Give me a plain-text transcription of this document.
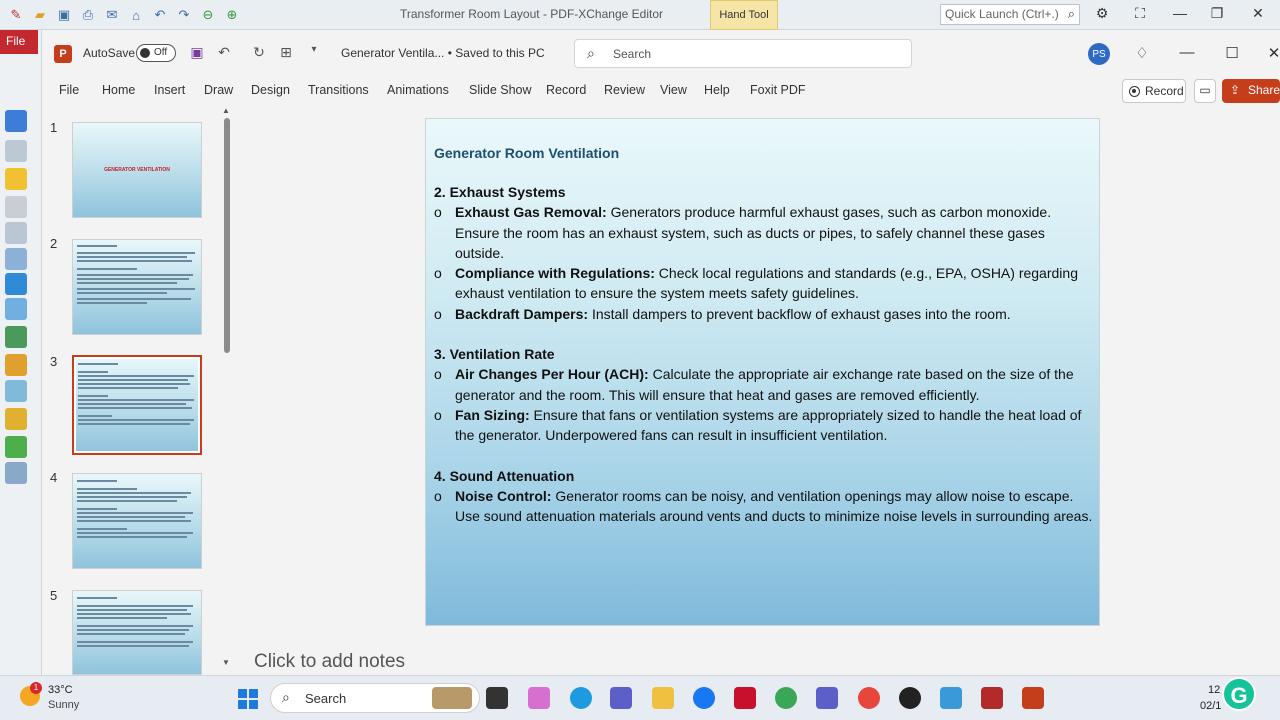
✎	▰ ▣ ⎙	✉	⌂	↶	↷	⊖	⊕	Transformer Room Layout - PDF-XChange Editor	Hand Tool	Quick Launch (Ctrl+.) ⌕ ⚙	⛶	— ❐ ✕
File
P	AutoSave Off ▣ ↶ ↻ ⊞	▾	Generator Ventila... • Saved to this PC	⌕ Search	PS ♢ — ☐ ✕
File Home Insert Draw Design Transitions Animations Slide Show Record Review View Help Foxit PDF	Record	▭	⇪ Share
1
GENERATOR VENTILATION
2
3
4
5
▲
▼
Generator Room Ventilation
2. Exhaust Systems
o Exhaust Gas Removal: Generators produce harmful exhaust gases, such as carbon monoxide. Ensure the room has an exhaust system, such as ducts or pipes, to safely channel these gases outside.
o Compliance with Regulations: Check local regulations and standards (e.g., EPA, OSHA) regarding exhaust ventilation to ensure the system meets safety guidelines.
o Backdraft Dampers: Install dampers to prevent backflow of exhaust gases into the room.
3. Ventilation Rate
o Air Changes Per Hour (ACH): Calculate the appropriate air exchange rate based on the size of the generator and the room. This will ensure that heat and gases are removed efficiently.
o Fan Sizing: Ensure that fans or ventilation systems are appropriately sized to handle the heat load of the generator. Underpowered fans can result in insufficient ventilation.
4. Sound Attenuation
o Noise Control: Generator rooms can be noisy, and ventilation openings may allow noise to escape. Use sound attenuation materials around vents and ducts to minimize noise levels in surrounding areas.
Click to add notes
1 33°C
Sunny	⌕ Search
12
02/1 G
